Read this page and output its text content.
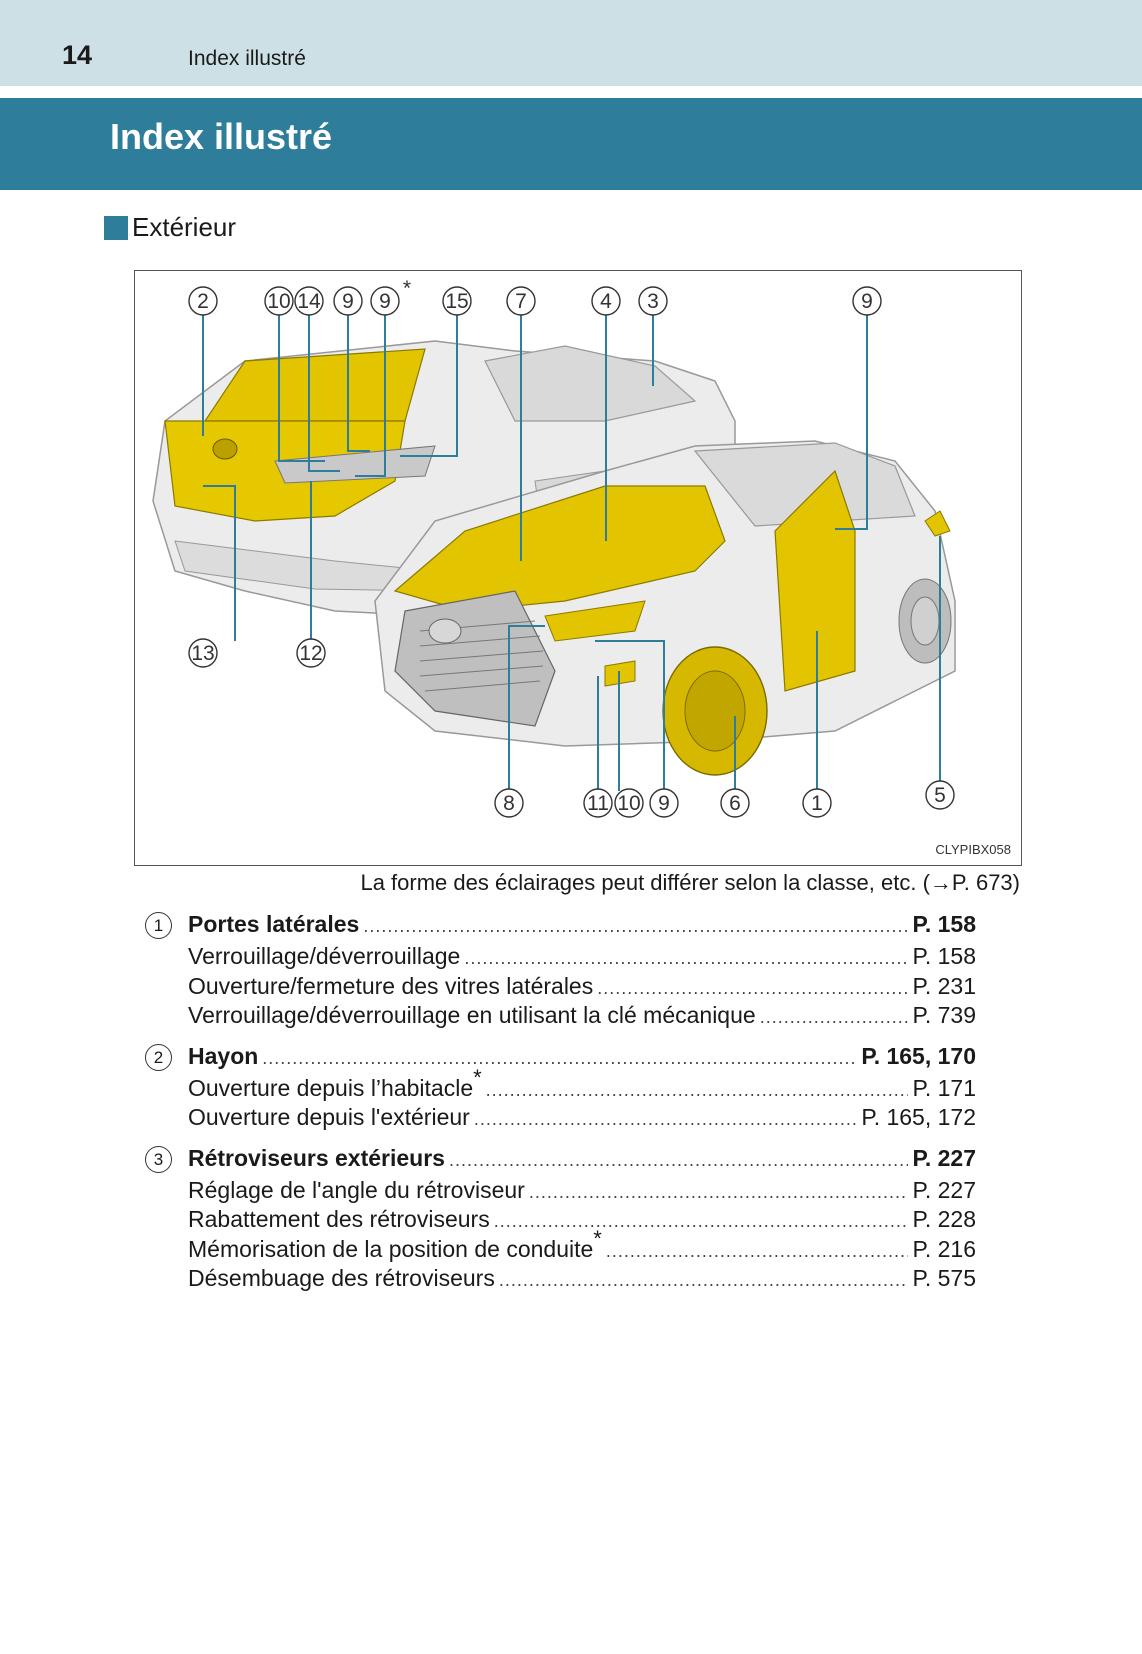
14	Index illustré
Index illustré
Extérieur
2	10 14 9 9
*
15 7	4 3	9
13	12
8	11 10 9	6	1	5
CLYPIBX058
La forme des éclairages peut différer selon la classe, etc. (→P. 673)
1	Portes latérales . . .	P. 158
Verrouillage/déverrouillage . . .	P. 158
Ouverture/fermeture des vitres latérales . . .	P. 231
Verrouillage/déverrouillage en utilisant la clé mécanique . . .	P. 739
2	Hayon . . .	P. 165, 170
Ouverture depuis l’habitacle* . . .	P. 171
Ouverture depuis l'extérieur . . .	P. 165, 172
3	Rétroviseurs extérieurs . . .	P. 227
Réglage de l'angle du rétroviseur . . .	P. 227
Rabattement des rétroviseurs . . .	P. 228
Mémorisation de la position de conduite* . . .	P. 216
Désembuage des rétroviseurs . . .	P. 575
